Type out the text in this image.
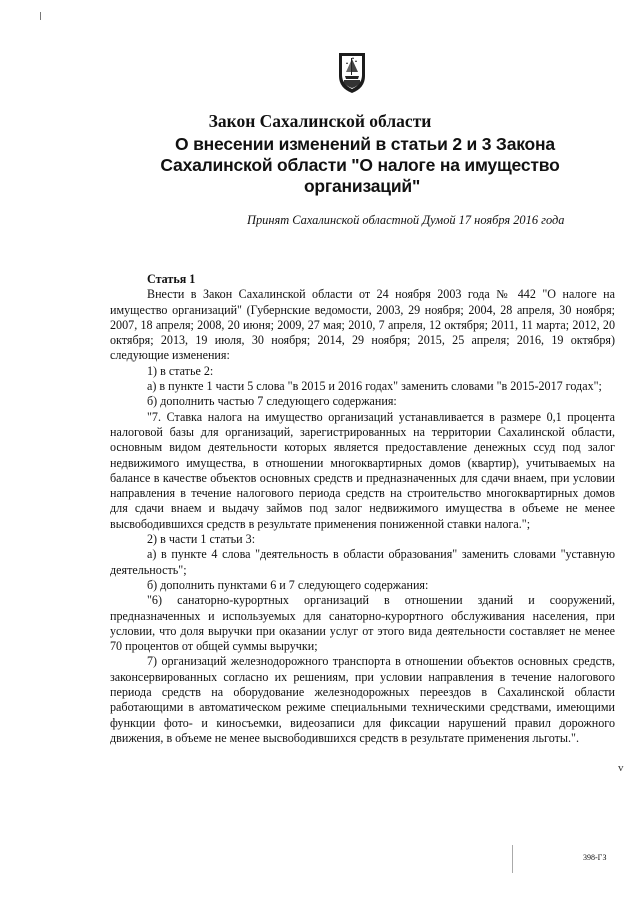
Закон Сахалинской области
О внесении изменений в статьи 2 и 3 Закона
Сахалинской области "О налоге на имущество
организаций"
Принят Сахалинской областной Думой 17 ноября 2016 года

Статья 1

Внести в Закон Сахалинской области от 24 ноября 2003 года № 442 "О налоге на имущество организаций" (Губернские ведомости, 2003, 29 ноября; 2004, 28 апреля, 30 ноября; 2007, 18 апреля; 2008, 20 июня; 2009, 27 мая; 2010, 7 апреля, 12 октября; 2011, 11 марта; 2012, 20 октября; 2013, 19 июля, 30 ноября; 2014, 29 ноября; 2015, 25 апреля; 2016, 19 октября) следующие изменения:

1) в статье 2:

а) в пункте 1 части 5 слова "в 2015 и 2016 годах" заменить словами "в 2015-2017 годах";

б) дополнить частью 7 следующего содержания:

"7. Ставка налога на имущество организаций устанавливается в размере 0,1 процента налоговой базы для организаций, зарегистрированных на территории Сахалинской области, основным видом деятельности которых является предоставление денежных ссуд под залог недвижимого имущества, в отношении многоквартирных домов (квартир), учитываемых на балансе в качестве объектов основных средств и предназначенных для сдачи внаем, при условии направления в течение налогового периода средств на строительство многоквартирных домов для сдачи внаем и выдачу займов под залог недвижимого имущества в объеме не менее высвободившихся средств в результате применения пониженной ставки налога.";

2) в части 1 статьи 3:

а) в пункте 4 слова "деятельность в области образования" заменить словами "уставную деятельность";

б) дополнить пунктами 6 и 7 следующего содержания:

"6) санаторно-курортных организаций в отношении зданий и сооружений, предназначенных и используемых для санаторно-курортного обслуживания населения, при условии, что доля выручки при оказании услуг от этого вида деятельности составляет не менее 70 процентов от общей суммы выручки;

7) организаций железнодорожного транспорта в отношении объектов основных средств, законсервированных согласно их решениям, при условии направления в течение налогового периода средств на оборудование железнодорожных переездов в Сахалинской области работающими в автоматическом режиме специальными техническими средствами, имеющими функции фото- и киносъемки, видеозаписи для фиксации нарушений правил дорожного движения, в объеме не менее высвободившихся средств в результате применения льготы.".

v
398-ГЗ
